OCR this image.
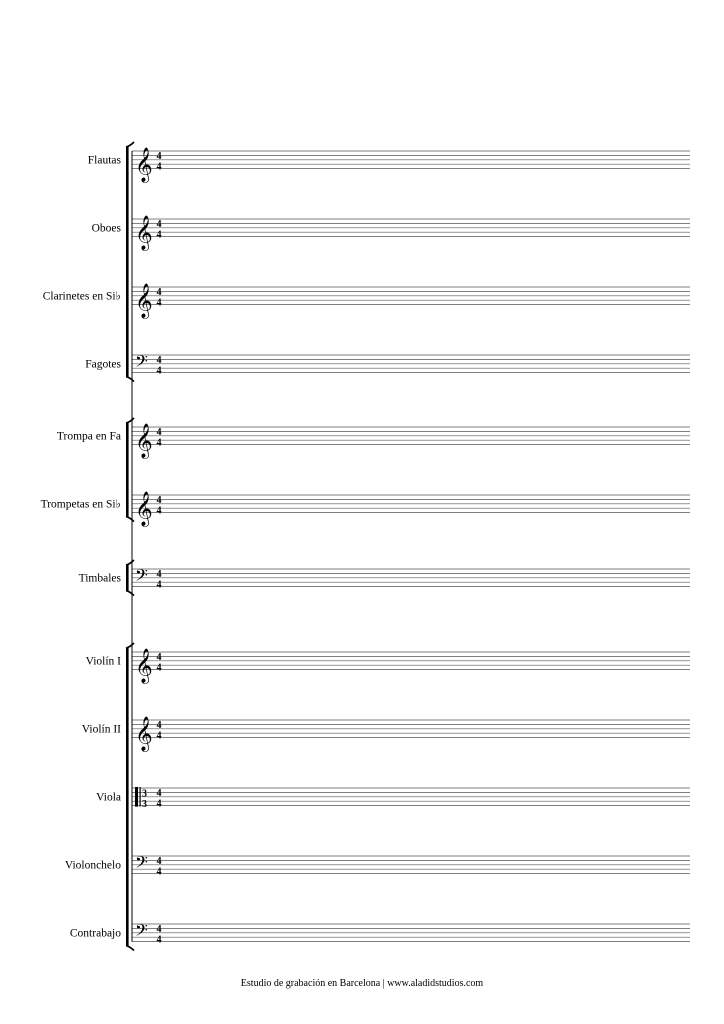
Flautas 𝄞 4
4
Oboes 𝄞 4
4
Clarinetes en Si♭ 𝄞 4
4
Fagotes 𝄢 4
4
Trompa en Fa 𝄞 4
4
Trompetas en Si♭ 𝄞 4
4
Timbales 𝄢 4
4
Violín I 𝄞 4
4
Violín II 𝄞 4
4
Viola 3
3
4
4
Violonchelo 𝄢 4
4
Contrabajo 𝄢 4
4
Estudio de grabación en Barcelona | www.aladidstudios.com
